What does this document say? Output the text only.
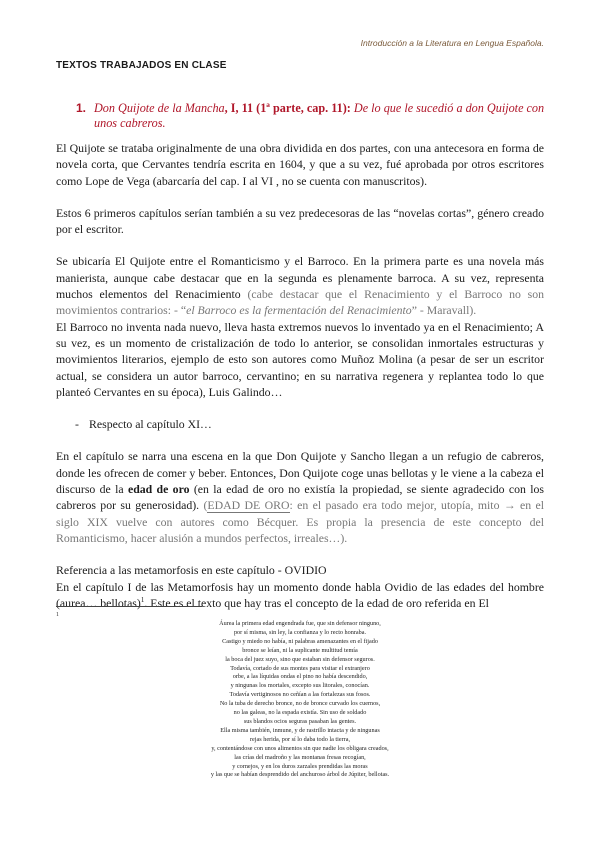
Introducción a la Literatura en Lengua Española.
TEXTOS TRABAJADOS EN CLASE
1. Don Quijote de la Mancha, I, 11 (1ª parte, cap. 11): De lo que le sucedió a don Quijote con unos cabreros.

El Quijote se trataba originalmente de una obra dividida en dos partes, con una antecesora en forma de novela corta, que Cervantes tendría escrita en 1604, y que a su vez, fué aprobada por otros escritores como Lope de Vega (abarcaría del cap. I al VI , no se cuenta con manuscritos).

Estos 6 primeros capítulos serían también a su vez predecesoras de las “novelas cortas”, género creado por el escritor.

Se ubicaría El Quijote entre el Romanticismo y el Barroco. En la primera parte es una novela más manierista, aunque cabe destacar que en la segunda es plenamente barroca. A su vez, representa muchos elementos del Renacimiento (cabe destacar que el Renacimiento y el Barroco no son movimientos contrarios: - “el Barroco es la fermentación del Renacimiento” - Maravall).

El Barroco no inventa nada nuevo, lleva hasta extremos nuevos lo inventado ya en el Renacimiento; A su vez, es un momento de cristalización de todo lo anterior, se consolidan inmortales estructuras y movimientos literarios, ejemplo de esto son autores como Muñoz Molina (a pesar de ser un escritor actual, se considera un autor barroco, cervantino; en su narrativa regenera y replantea todo lo que planteó Cervantes en su época), Luis Galindo…

- Respecto al capítulo XI…

En el capítulo se narra una escena en la que Don Quijote y Sancho llegan a un refugio de cabreros, donde les ofrecen de comer y beber. Entonces, Don Quijote coge unas bellotas y le viene a la cabeza el discurso de la edad de oro (en la edad de oro no existía la propiedad, se siente agradecido con los cabreros por su generosidad). (EDAD DE ORO: en el pasado era todo mejor, utopía, mito → en el siglo XIX vuelve con autores como Bécquer. Es propia la presencia de este concepto del Romanticismo, hacer alusión a mundos perfectos, irreales…).

Referencia a las metamorfosis en este capítulo - OVIDIO

En el capítulo I de las Metamorfosis hay un momento donde habla Ovidio de las edades del hombre (aurea… bellotas)$^1$. Este es el texto que hay tras el concepto de la edad de oro referida en El

1
Áurea la primera edad engendrada fue, que sin defensor ninguno,
por sí misma, sin ley, la confianza y lo recto honraba.
Castigo y miedo no había, ni palabras amenazantes en el fijado
bronce se leían, ni la suplicante multitud temía
la boca del juez suyo, sino que estaban sin defensor seguros.
Todavía, cortado de sus montes para visitar el extranjero
orbe, a las líquidas ondas el pino no había descendido,
y ningunas los mortales, excepto sus litorales, conocían.
Todavía vertiginosos no ceñían a las fortalezas sus fosos.
No la tuba de derecho bronce, no de bronce curvado los cuernos,
no las galeas, no la espada existía. Sin uso de soldado
sus blandos ocios seguras pasaban las gentes.
Ella misma también, inmune, y de rastrillo intacta y de ningunas
rejas herida, por sí lo daba todo la tierra,
y, contentándose con unos alimentos sin que nadie los obligara creados,
las crías del madroño y las montanas fresas recogían,
y cornejos, y en los duros zarzales prendidas las moras
y las que se habían desprendido del anchuroso árbol de Júpiter, bellotas.
